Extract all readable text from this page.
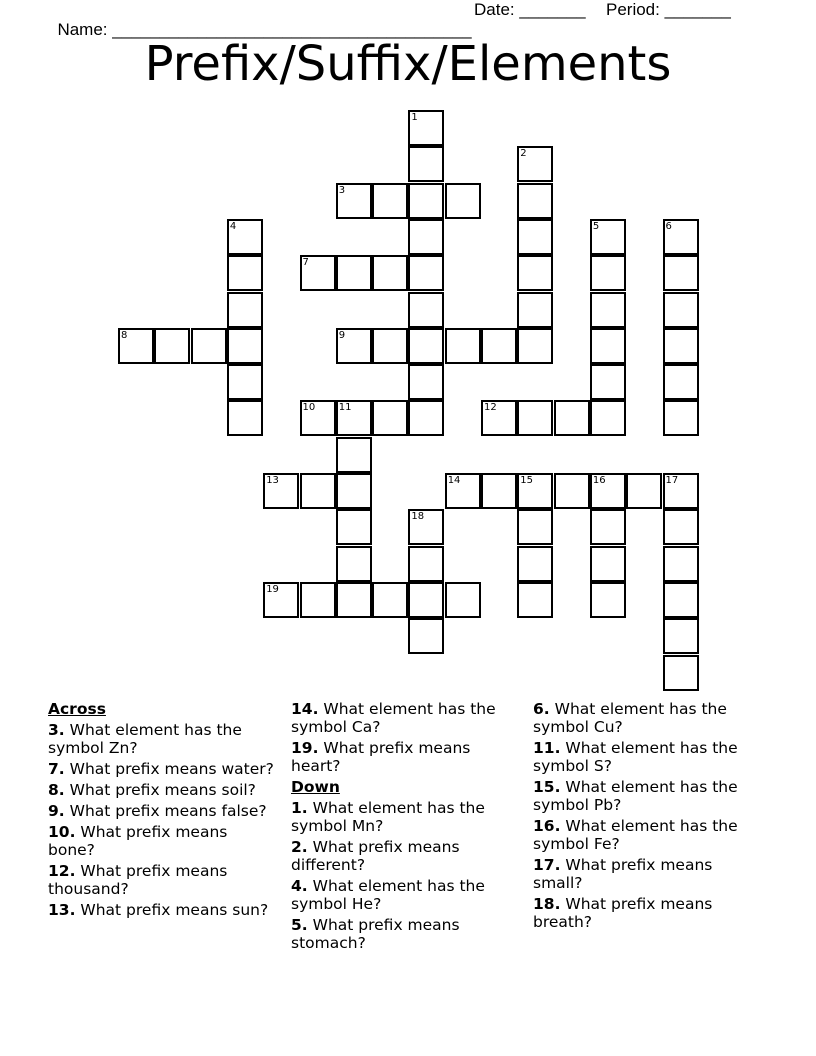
Name: ______________________________________

Date: _______

Period: _______

Prefix/Suffix/Elements
1
2
3
4	5	6
7
8	9
10 11	12
13	14	15	16	17
18
19
Across
3. What element has the symbol Zn?
7. What prefix means water?
8. What prefix means soil?
9. What prefix means false?
10. What prefix means bone?
12. What prefix means thousand?
13. What prefix means sun?
14. What element has the symbol Ca?
19. What prefix means heart?
Down
1. What element has the symbol Mn?
2. What prefix means different?
4. What element has the symbol He?
5. What prefix means stomach?
6. What element has the symbol Cu?
11. What element has the symbol S?
15. What element has the symbol Pb?
16. What element has the symbol Fe?
17. What prefix means small?
18. What prefix means breath?
